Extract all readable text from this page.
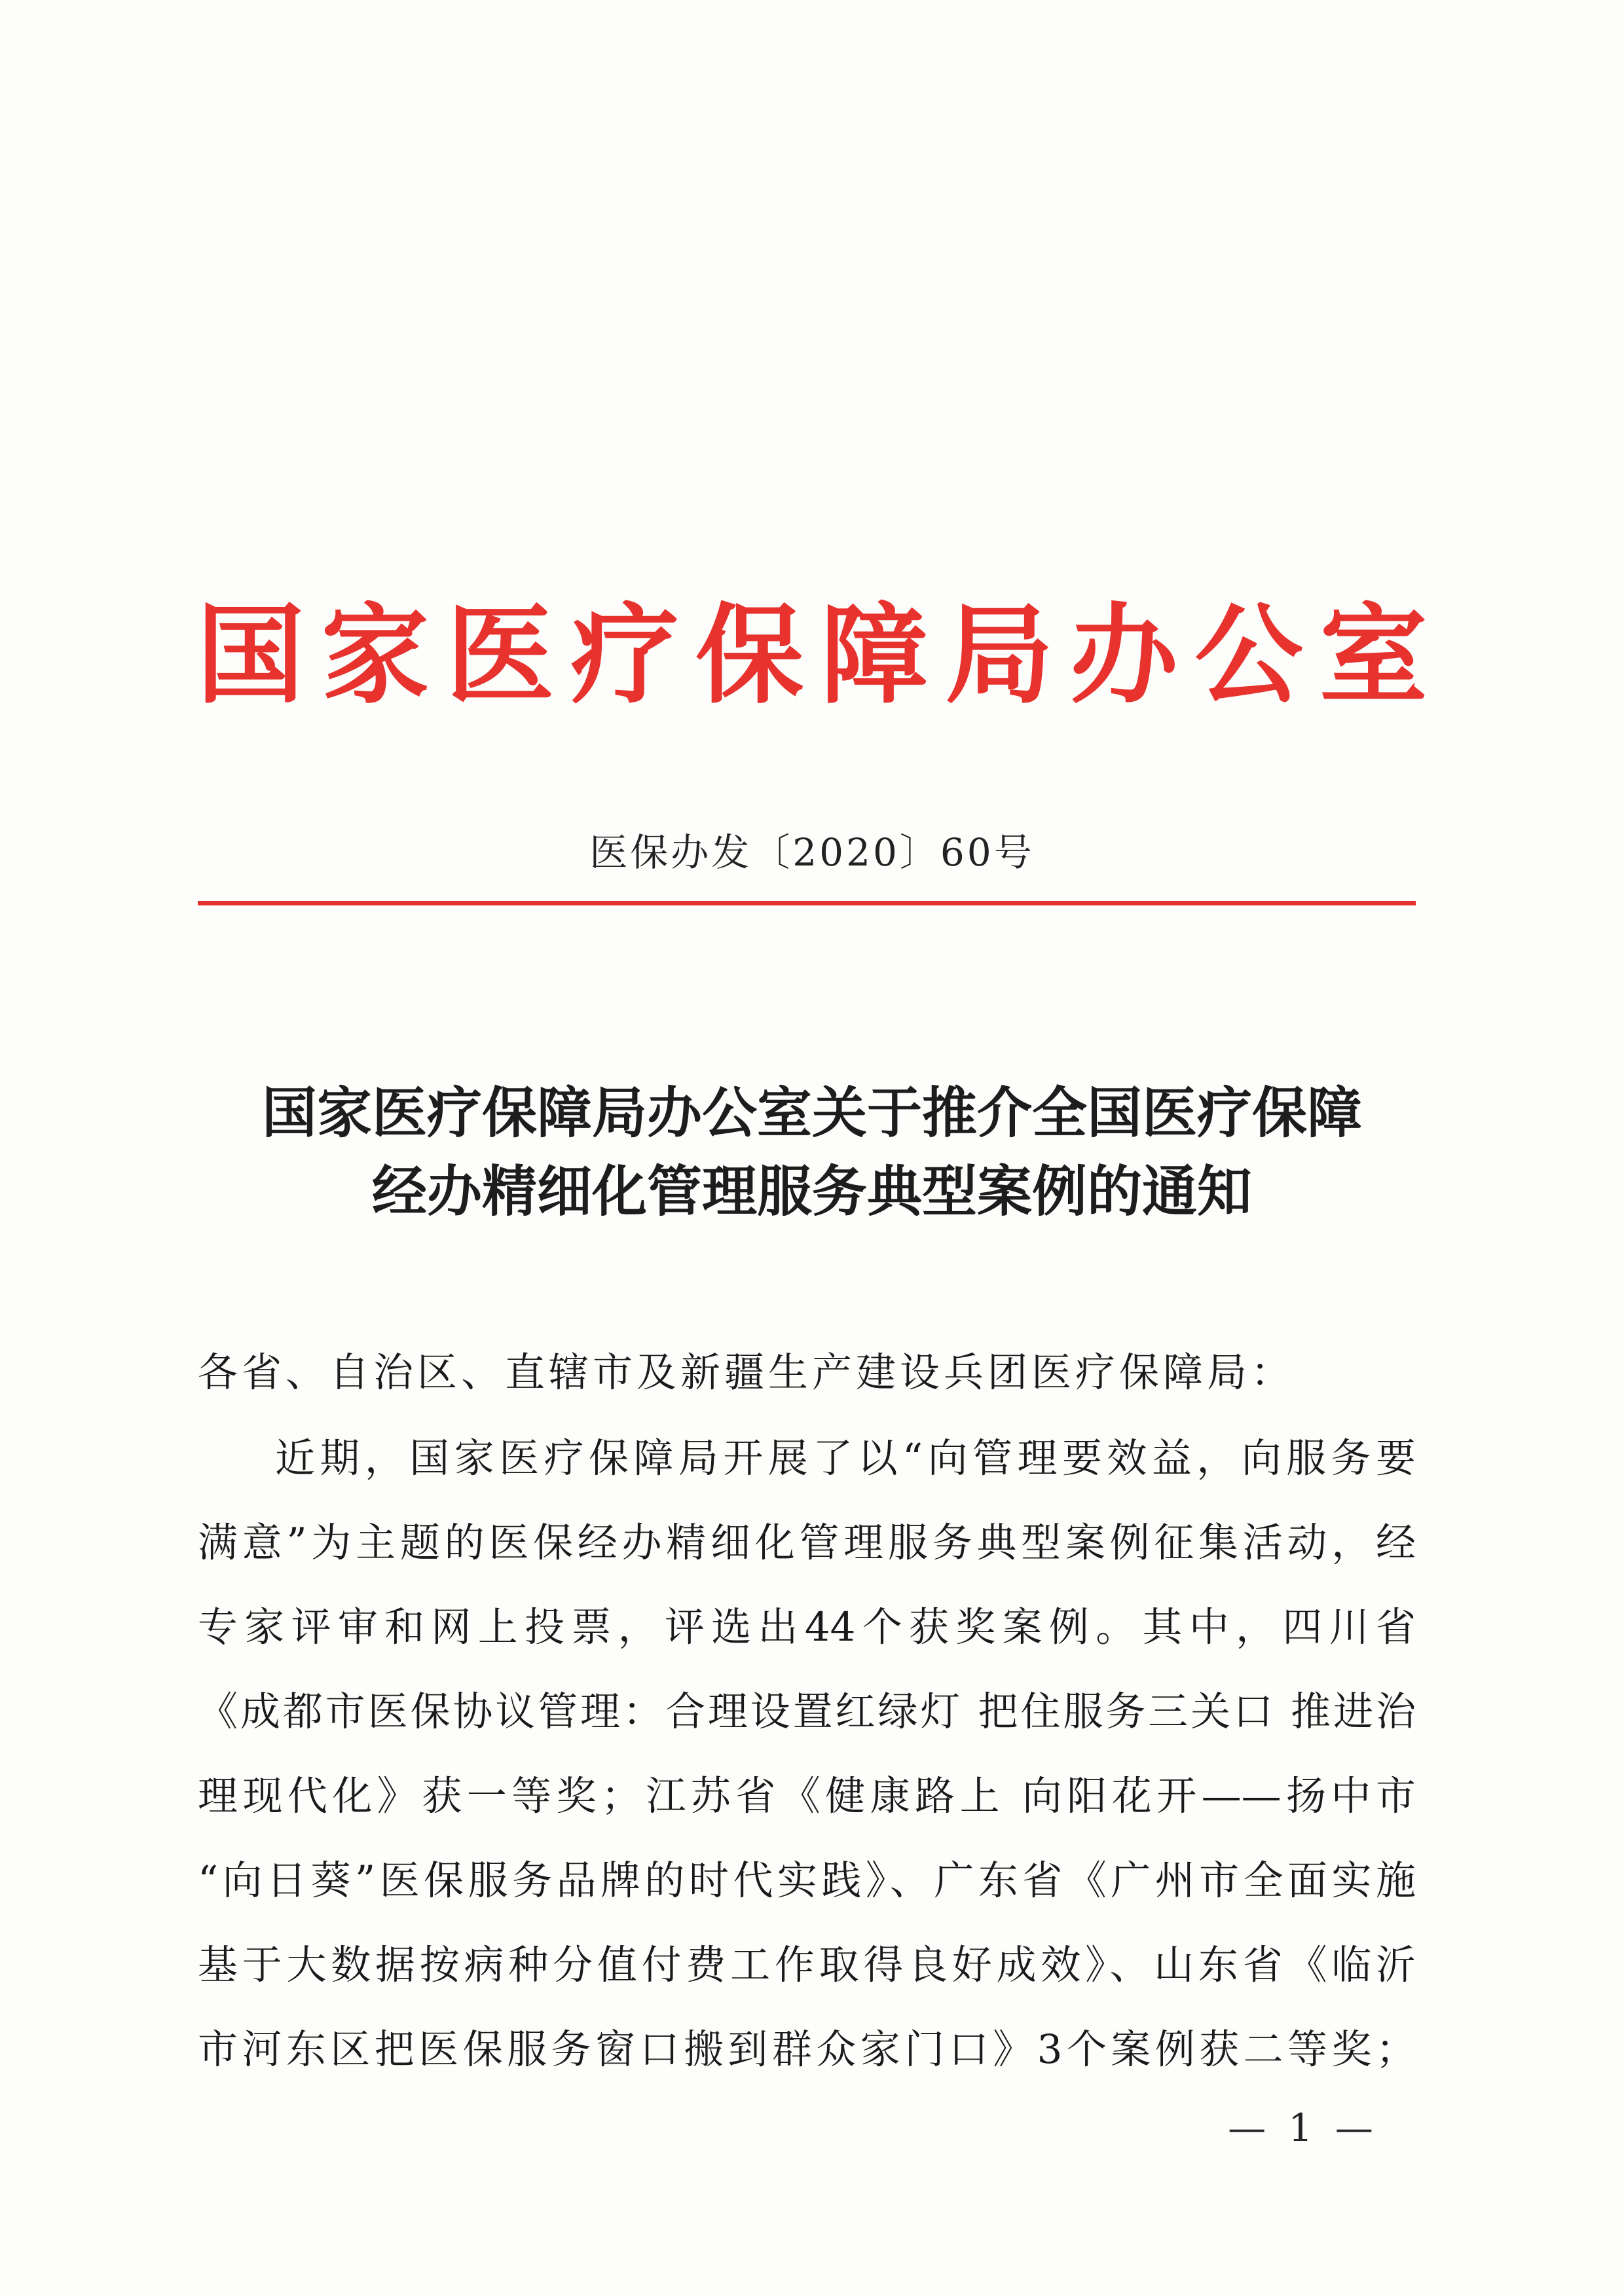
国 家 医 疗 保 障 局 办 公 室
医保办发〔2020〕60号
国家医疗保障局办公室关于推介全国医疗保障
经办精细化管理服务典型案例的通知
各省、自治区、直辖市及新疆生产建设兵团医疗保障局：
近期，国家医疗保障局开展了以“向管理要效益，向服务要
满意”为主题的医保经办精细化管理服务典型案例征集活动，经
专家评审和网上投票，评选出44个获奖案例。其中，四川省
《成都市医保协议管理：合理设置红绿灯 把住服务三关口 推进治
理现代化》获一等奖；江苏省《健康路上 向阳花开——扬中市
“向日葵”医保服务品牌的时代实践》、广东省《广州市全面实施
基于大数据按病种分值付费工作取得良好成效》、山东省《临沂
市河东区把医保服务窗口搬到群众家门口》3个案例获二等奖；
— 1 —
